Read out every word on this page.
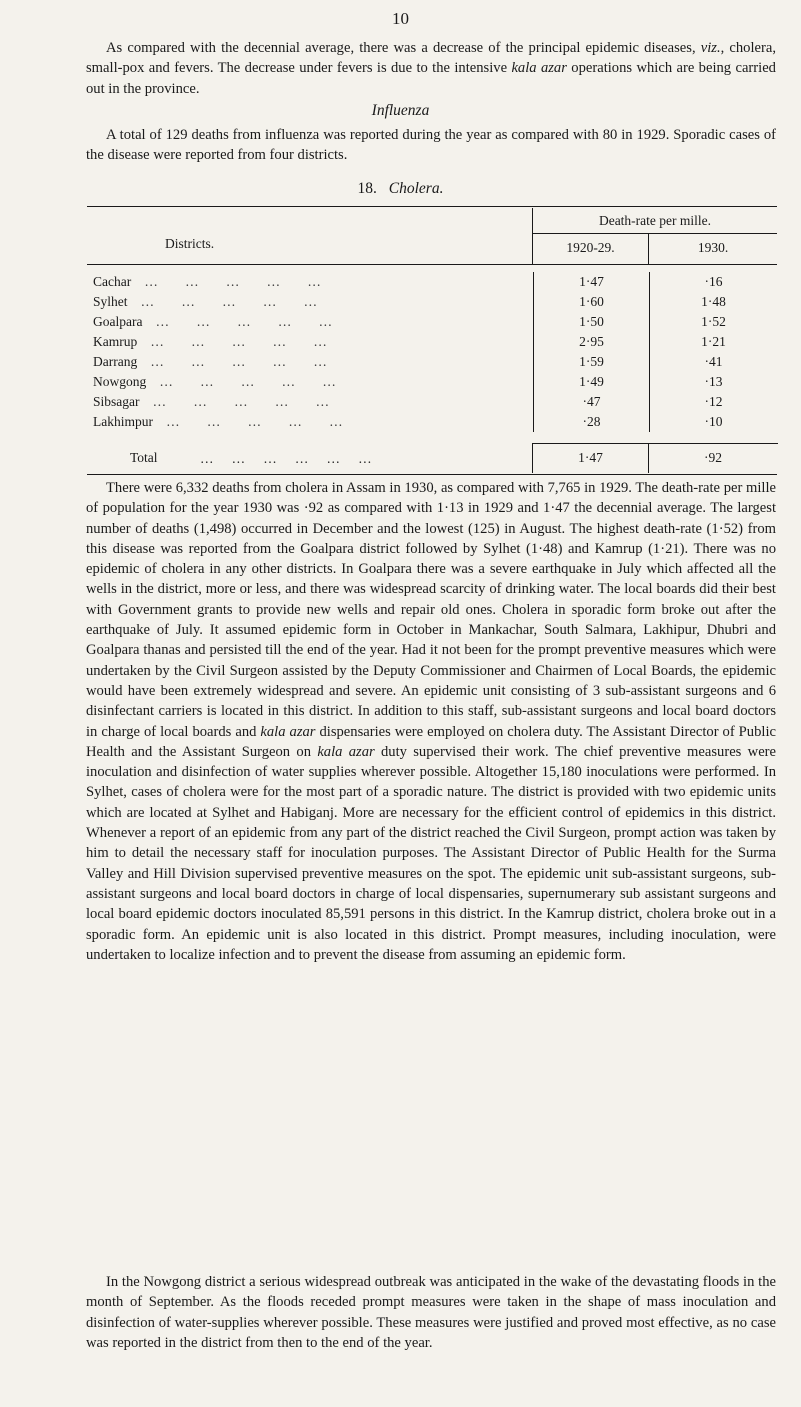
10

As compared with the decennial average, there was a decrease of the principal epidemic diseases, viz., cholera, small-pox and fevers. The decrease under fevers is due to the intensive kala azar operations which are being carried out in the province.

Influenza

A total of 129 deaths from influenza was reported during the year as compared with 80 in 1929. Sporadic cases of the disease were reported from four districts.

18. Cholera.
Districts.
Death-rate per mille.
1920-29.	1930.
Cachar   …      …      …      …      …	1·47	·16
Sylhet   …      …      …      …      …	1·60	1·48
Goalpara   …      …      …      …      …	1·50	1·52
Kamrup   …      …      …      …      …	2·95	1·21
Darrang   …      …      …      …      …	1·59	·41
Nowgong   …      …      …      …      …	1·49	·13
Sibsagar   …      …      …      …      …	·47	·12
Lakhimpur   …      …      …      …      …	·28	·10
Total	…   …   …   …   …   …	1·47	·92

There were 6,332 deaths from cholera in Assam in 1930, as compared with 7,765 in 1929. The death-rate per mille of population for the year 1930 was ·92 as compared with 1·13 in 1929 and 1·47 the decennial average. The largest number of deaths (1,498) occurred in December and the lowest (125) in August. The highest death-rate (1·52) from this disease was reported from the Goalpara district followed by Sylhet (1·48) and Kamrup (1·21). There was no epidemic of cholera in any other districts. In Goalpara there was a severe earthquake in July which affected all the wells in the district, more or less, and there was widespread scarcity of drinking water. The local boards did their best with Government grants to provide new wells and repair old ones. Cholera in sporadic form broke out after the earthquake of July. It assumed epidemic form in October in Mankachar, South Salmara, Lakhipur, Dhubri and Goalpara thanas and persisted till the end of the year. Had it not been for the prompt preventive measures which were undertaken by the Civil Surgeon assisted by the Deputy Commissioner and Chairmen of Local Boards, the epidemic would have been extremely widespread and severe. An epidemic unit consisting of 3 sub-assistant surgeons and 6 disinfectant carriers is located in this district. In addition to this staff, sub-assistant surgeons and local board doctors in charge of local boards and kala azar dispensaries were employed on cholera duty. The Assistant Director of Public Health and the Assistant Surgeon on kala azar duty supervised their work. The chief preventive measures were inoculation and disinfection of water supplies wherever possible. Altogether 15,180 inoculations were performed. In Sylhet, cases of cholera were for the most part of a sporadic nature. The district is provided with two epidemic units which are located at Sylhet and Habiganj. More are necessary for the efficient control of epidemics in this district. Whenever a report of an epidemic from any part of the district reached the Civil Surgeon, prompt action was taken by him to detail the necessary staff for inoculation purposes. The Assistant Director of Public Health for the Surma Valley and Hill Division supervised preventive measures on the spot. The epidemic unit sub-assistant surgeons, sub-assistant surgeons and local board doctors in charge of local dispensaries, supernumerary sub assistant surgeons and local board epidemic doctors inoculated 85,591 persons in this district. In the Kamrup district, cholera broke out in a sporadic form. An epidemic unit is also located in this district. Prompt measures, including inoculation, were undertaken to localize infection and to prevent the disease from assuming an epidemic form.

In the Nowgong district a serious widespread outbreak was anticipated in the wake of the devastating floods in the month of September. As the floods receded prompt measures were taken in the shape of mass inoculation and disinfection of water-supplies wherever possible. These measures were justified and proved most effective, as no case was reported in the district from then to the end of the year.
